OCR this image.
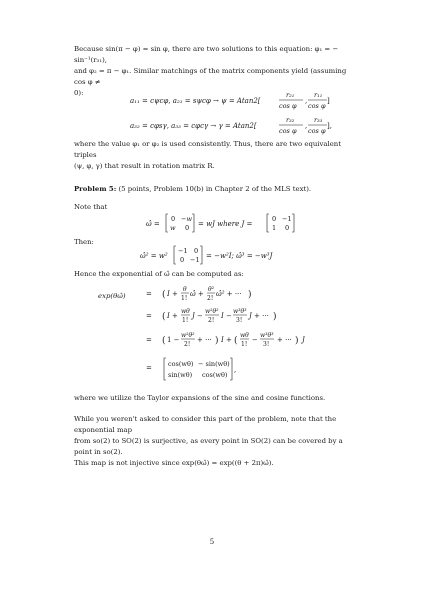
Because sin(π − φ) = sin φ, there are two solutions to this equation: φ₁ = − sin⁻¹(r₃₁),
and φ₂ = π − φ₁. Similar matchings of the matrix components yield (assuming cos φ ≠
0):
a₁₁ = cψcφ, a₂₁ = sψcφ → ψ = Atan2[
r₂₁
cos φ
,
r₁₁
cos φ
]
a₃₂ = cφsγ, a₃₃ = cφcγ → γ = Atan2[
r₃₂
cos φ
,
r₃₃
cos φ
],
where the value φ₁ or φ₂ is used consistently. Thus, there are two equivalent triples
(ψ, φ, γ) that result in rotation matrix R.
Problem 5: (5 points, Problem 10(b) in Chapter 2 of the MLS text).
Note that
ω̂ =
0 −w
w 0 = wJ where J =
0 −1
1 0
Then:
ω̂² = w²
−1 0
0 −1 = −w²I; ω̂³ = −w³J
Hence the exponential of ω̂ can be computed as:
exp(θω̂)	= ( I +
θ
1!
ω̂ +
θ²
2!
ω̂² + ··· )
= ( I +
wθ
1!
J −
w²θ²
2!
I −
w³θ³
3!
J + ··· )
= ( 1 −
w²θ²
2!
+ ··· ) I + (
wθ
1!
−
w³θ³
3!
+ ··· ) J
= cos(wθ) − sin(wθ)
sin(wθ) cos(wθ)
,
where we utilize the Taylor expansions of the sine and cosine functions.
While you weren't asked to consider this part of the problem, note that the exponential map
from so(2) to SO(2) is surjective, as every point in SO(2) can be covered by a point in so(2).
This map is not injective since exp(θω̂) = exp((θ + 2π)ω̂).
5
